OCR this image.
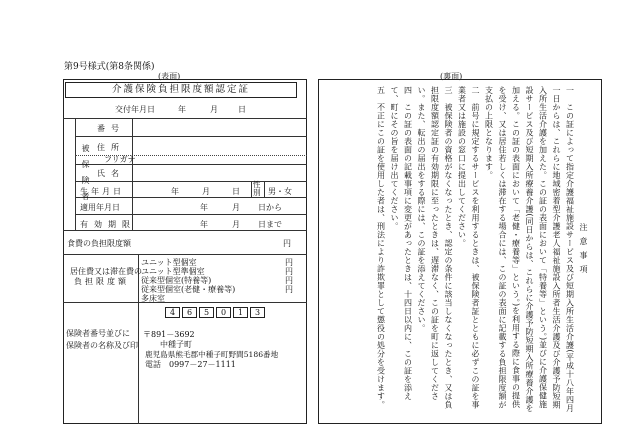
第9号様式(第8条関係)
(表面)	(裏面)
介護保険負担限度額認定証
交付年月日	年	月	日
被保険者
番号
住所
フリガナ
氏名
生年月日	年	月	日
性別 男・女
適用年月日	年	月 日から
有効期限	年	月 日まで
食費の負担限度額	円
居住費又は滞在費の
負担限度額
ユニット型個室	円
ユニット型準個室	円
従来型個室(特養等)	円
従来型個室(老健・療養等)	円
多床室
保険者番号並びに
保険者の名称及び印
4	6	5	0	1	3
〒891－3692
中種子町
鹿児島県熊毛郡中種子町野間5186番地
電話　0997－27－1111

注意事項

一　この証によって指定介護福祉施設サービス及び短期入所生活介護(平成十八年四月一日からは、これらに地域密着型介護老人福祉施設入所者生活介護及び介護予防短期入所生活介護を加えた。この証の表面において「特養等」という。)並びに介護保健施設サービス及び短期入所療養介護(同日からは、これらに介護予防短期入所療養介護を加える。この証の表面において「老健・療養等」という。)を利用する際に食事の提供を受け、又は居住若しくは滞在する場合には、この証の表面に記載する負担限度額が支払の上限となります。

二　前号に規定するサービスを利用するときは、被保険者証とともに必ずこの証を事業者又は施設の窓口に提出してください。

三　被保険者の資格がなくなったとき、認定の条件に該当しなくなったとき、又は負担限度額認定証の有効期限に至ったときは、遅滞なく、この証を町に返してください。また、転出の届出をする際には、この証を添えてください。

四　この証の表面の記載事項に変更があったときは、十四日以内に、この証を添えて、町にその旨を届け出てください。

五　不正にこの証を使用した者は、刑法により詐欺罪として懲役の処分を受けます。
